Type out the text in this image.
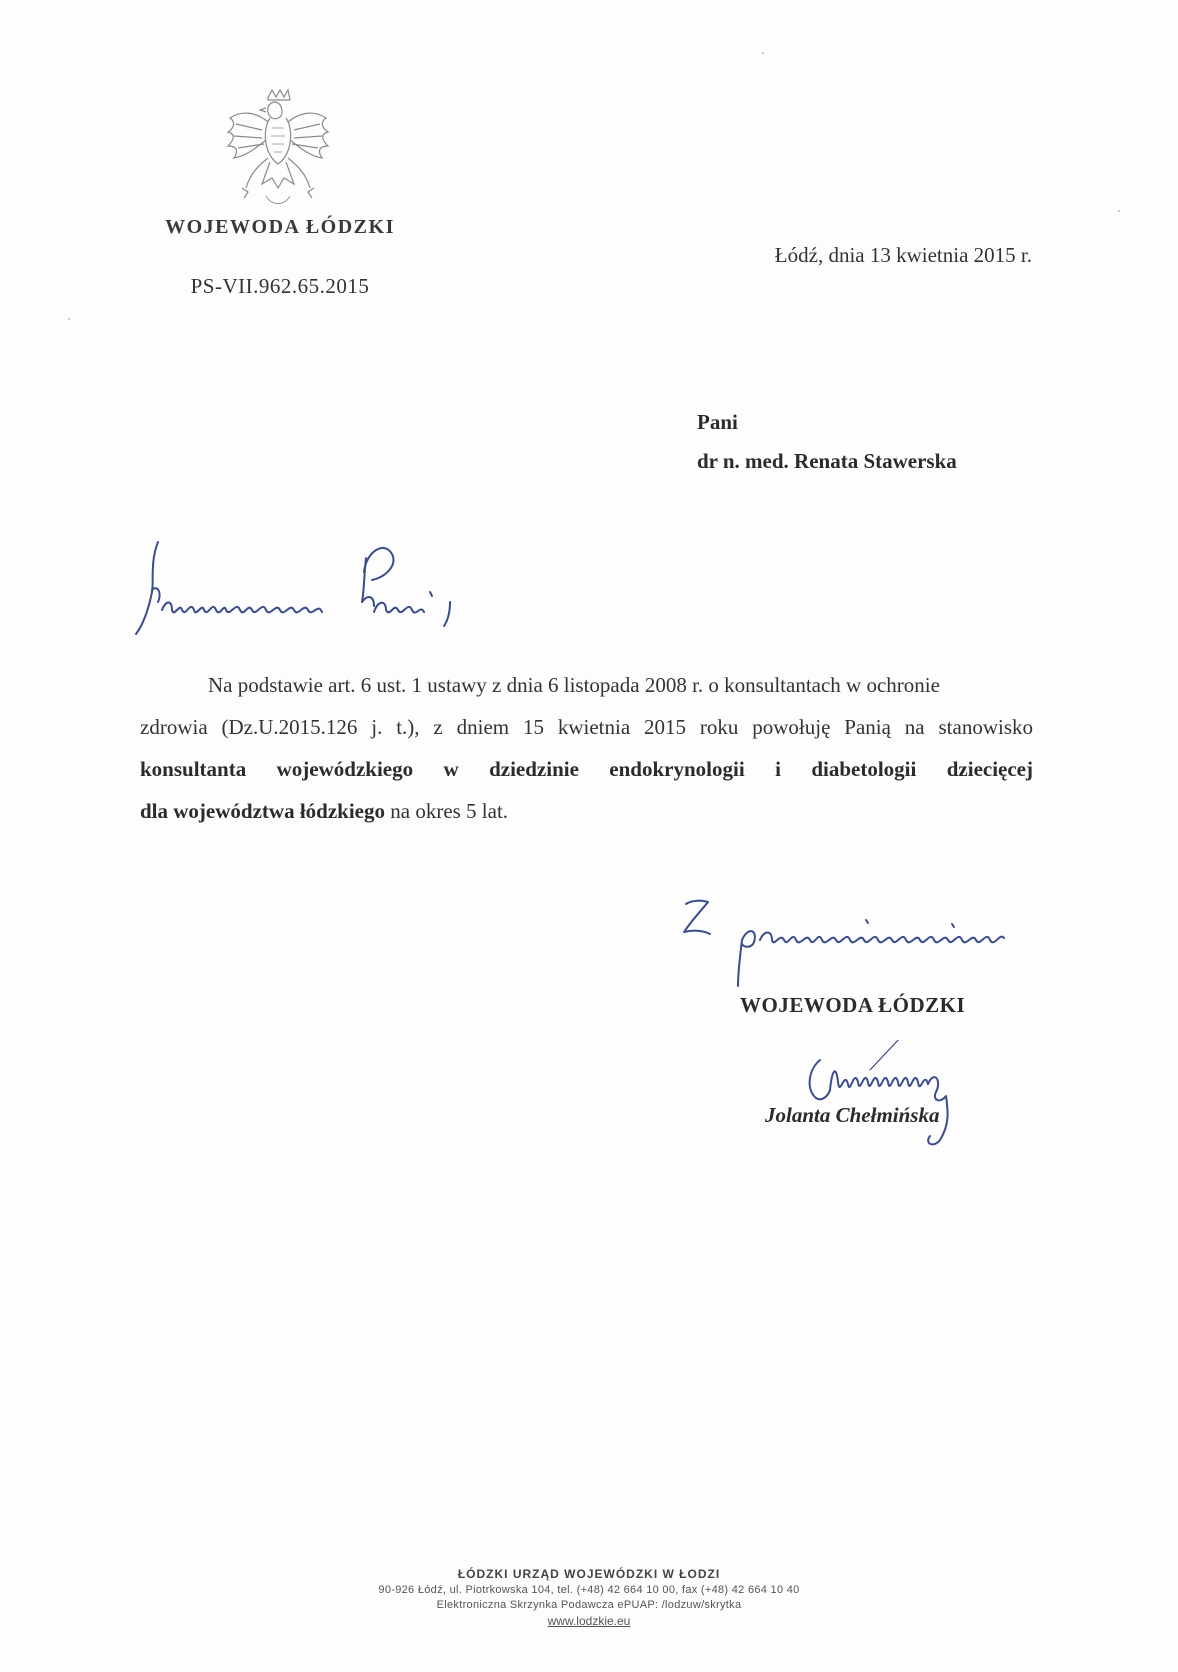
WOJEWODA ŁÓDZKI
PS-VII.962.65.2015
Łódź, dnia 13 kwietnia 2015 r.
Pani
dr n. med. Renata Stawerska
Na podstawie art. 6 ust. 1 ustawy z dnia 6 listopada 2008 r. o konsultantach w ochronie
zdrowia (Dz.U.2015.126 j. t.), z dniem 15 kwietnia 2015 roku powołuję Panią na stanowisko
konsultanta wojewódzkiego w dziedzinie endokrynologii i diabetologii dziecięcej
dla województwa łódzkiego na okres 5 lat.
WOJEWODA ŁÓDZKI
Jolanta Chełmińska
ŁÓDZKI URZĄD WOJEWÓDZKI W ŁODZI
90-926 Łódź, ul. Piotrkowska 104, tel. (+48) 42 664 10 00, fax (+48) 42 664 10 40
Elektroniczna Skrzynka Podawcza ePUAP: /lodzuw/skrytka
www.lodzkie.eu
